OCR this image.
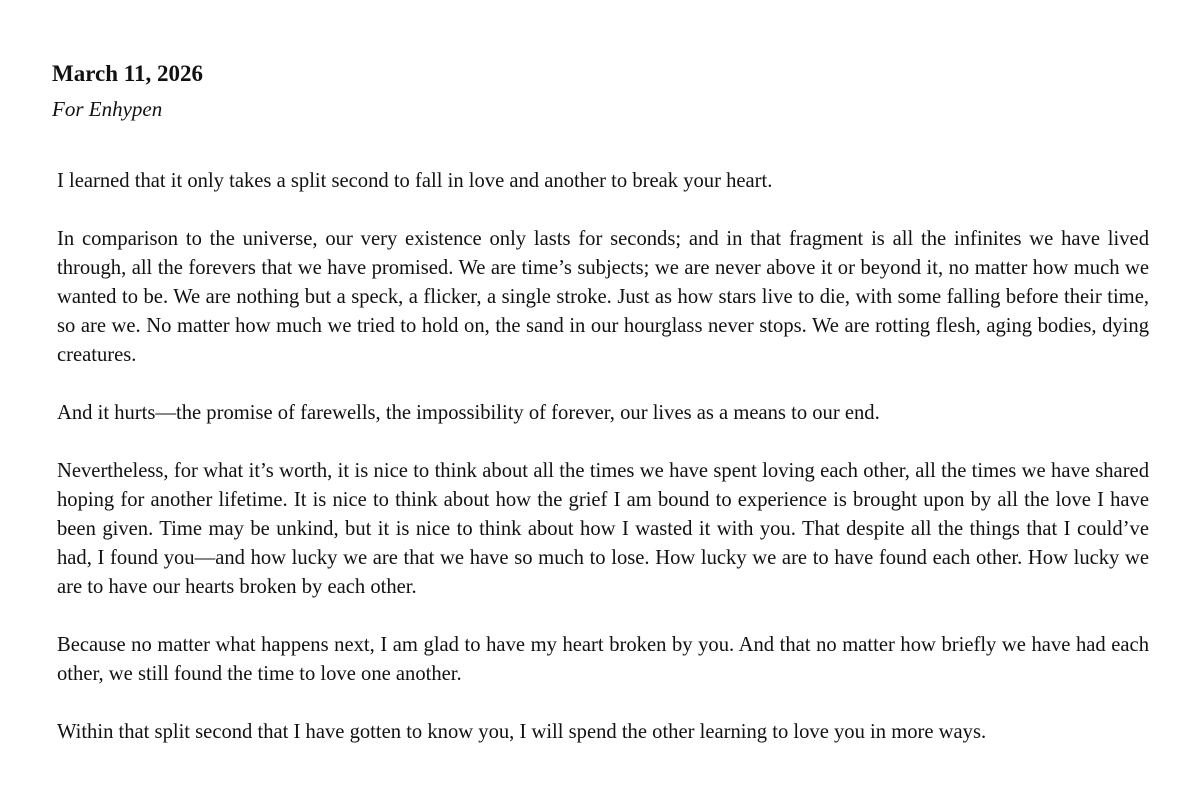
March 11, 2026
For Enhypen

I learned that it only takes a split second to fall in love and another to break your heart.

In comparison to the universe, our very existence only lasts for seconds; and in that fragment is all the infinites we have lived through, all the forevers that we have promised. We are time’s subjects; we are never above it or beyond it, no matter how much we wanted to be. We are nothing but a speck, a flicker, a single stroke. Just as how stars live to die, with some falling before their time, so are we. No matter how much we tried to hold on, the sand in our hourglass never stops. We are rotting flesh, aging bodies, dying creatures.

And it hurts—the promise of farewells, the impossibility of forever, our lives as a means to our end.

Nevertheless, for what it’s worth, it is nice to think about all the times we have spent loving each other, all the times we have shared hoping for another lifetime. It is nice to think about how the grief I am bound to experience is brought upon by all the love I have been given. Time may be unkind, but it is nice to think about how I wasted it with you. That despite all the things that I could’ve had, I found you—and how lucky we are that we have so much to lose. How lucky we are to have found each other. How lucky we are to have our hearts broken by each other.

Because no matter what happens next, I am glad to have my heart broken by you. And that no matter how briefly we have had each other, we still found the time to love one another.

Within that split second that I have gotten to know you, I will spend the other learning to love you in more ways.
